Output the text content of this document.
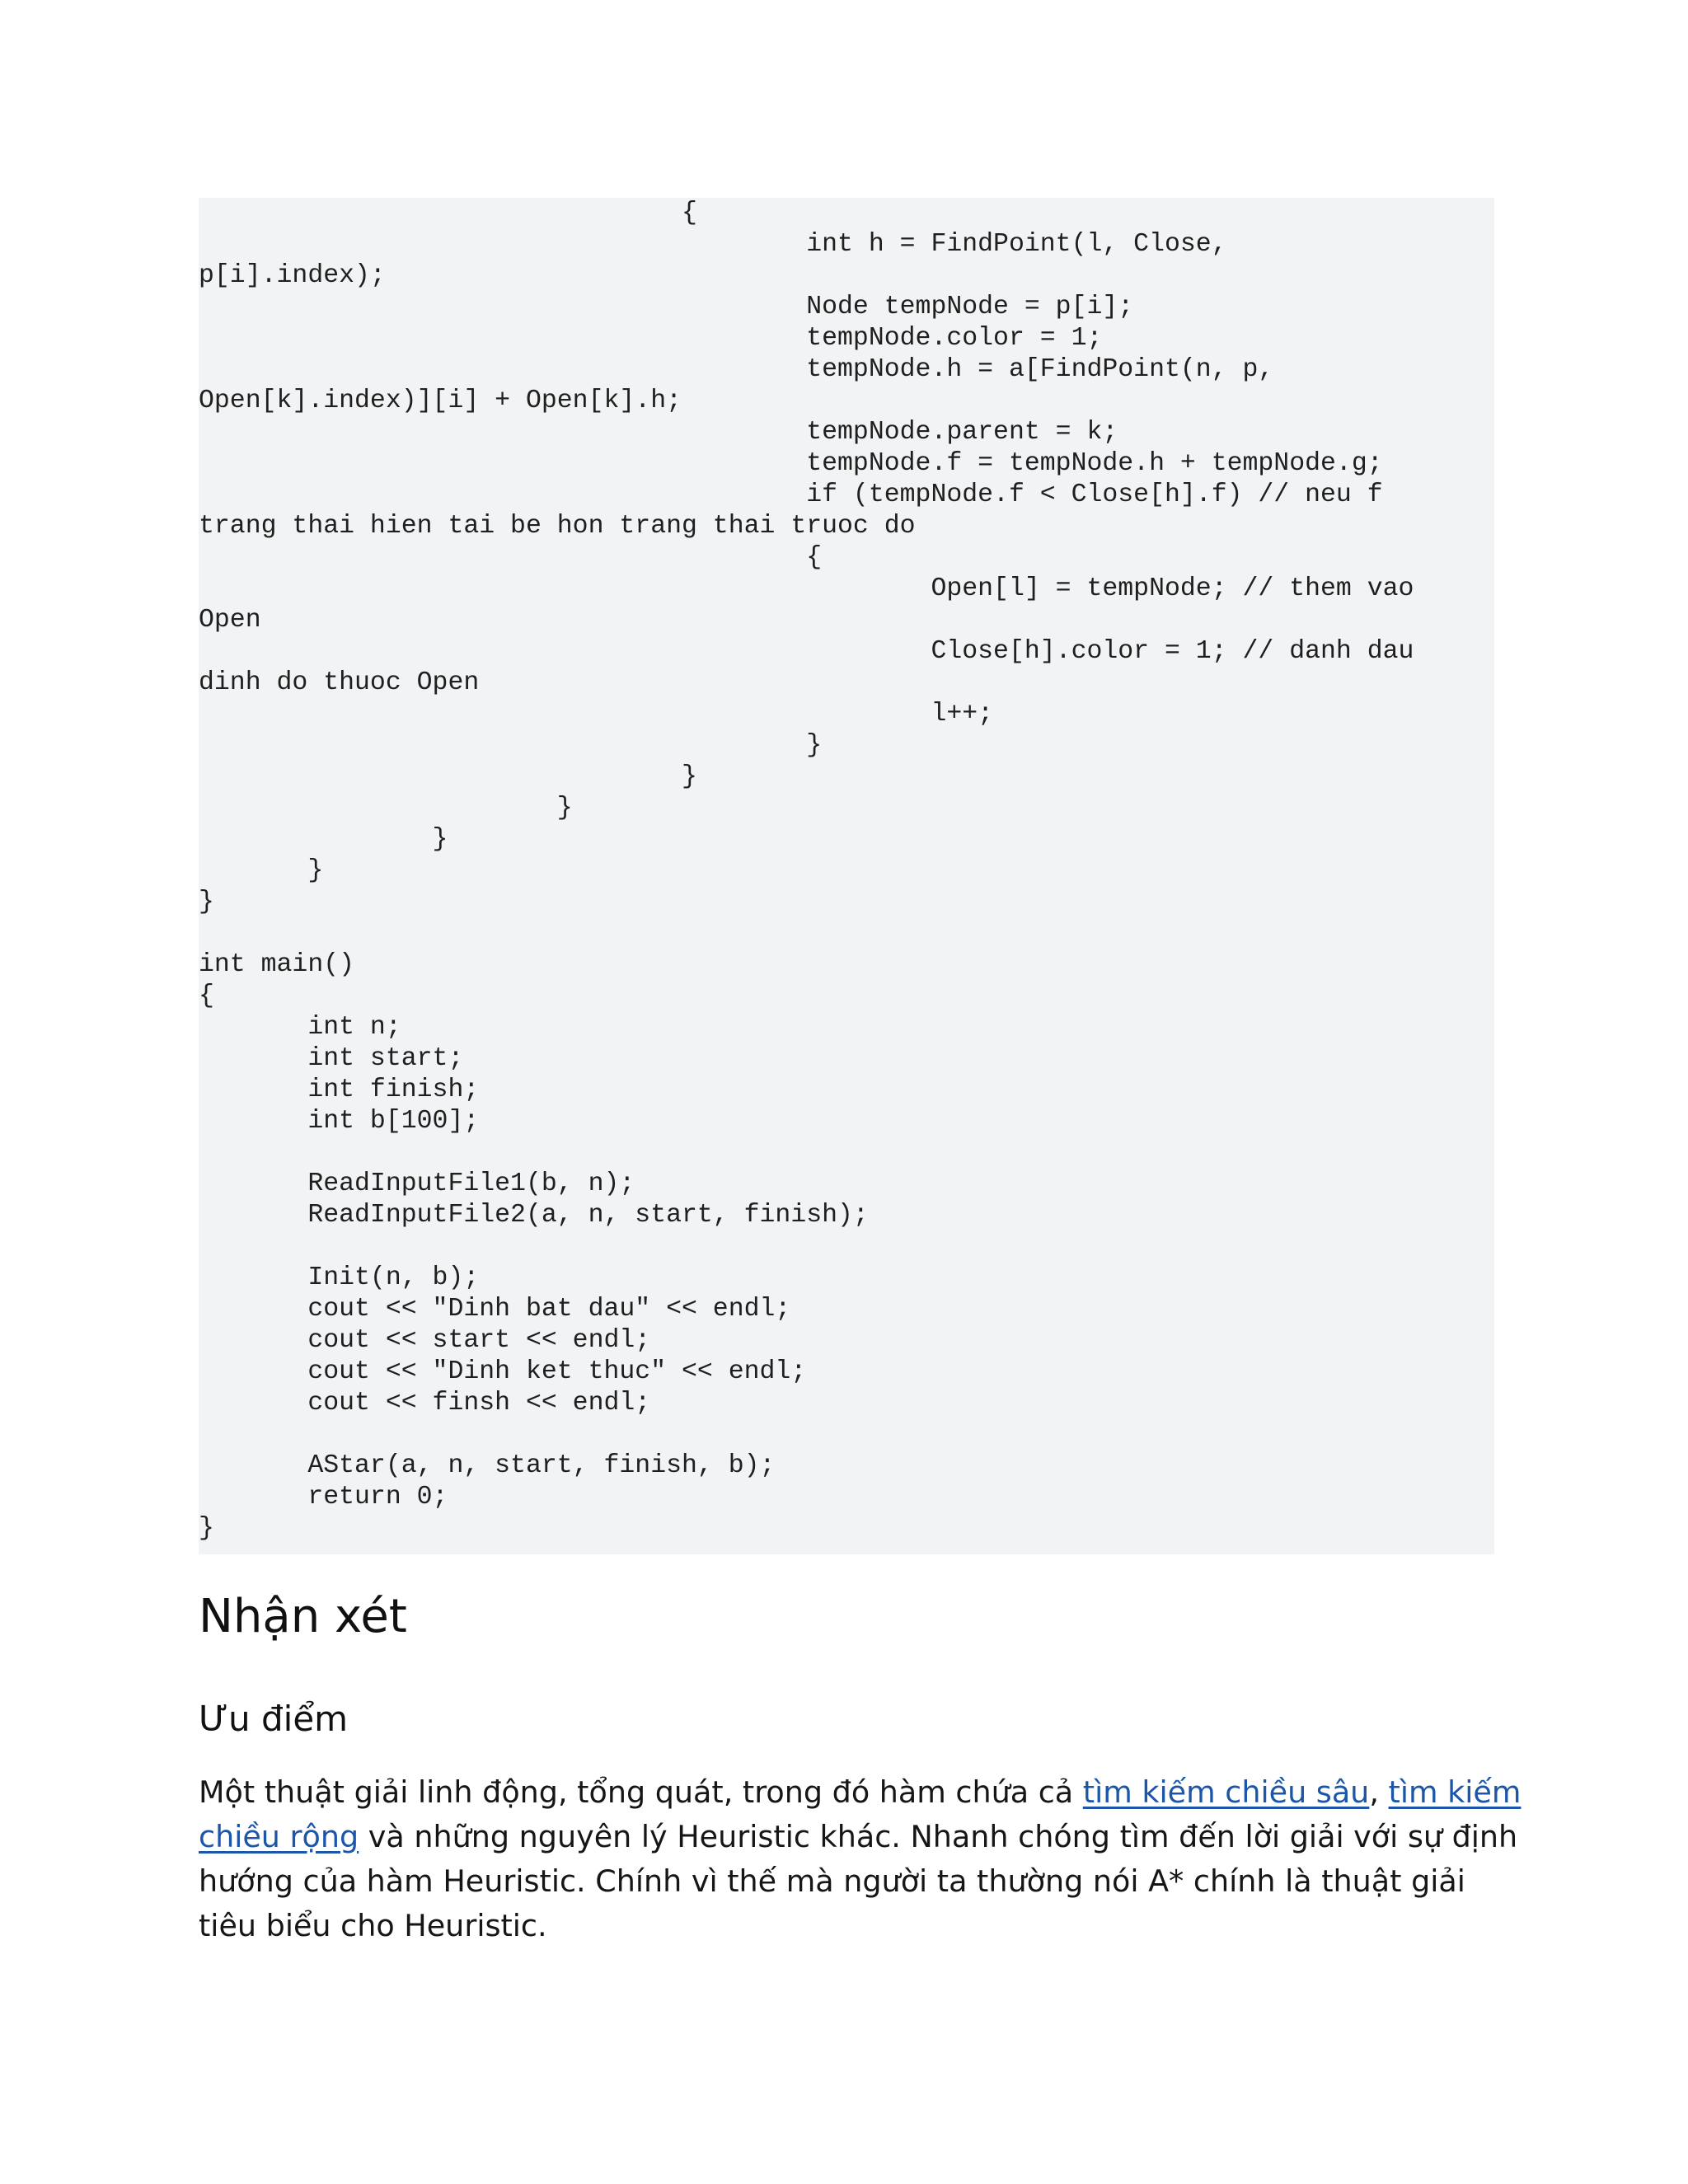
{
int h = FindPoint(l, Close,
p[i].index);
Node tempNode = p[i];
tempNode.color = 1;
tempNode.h = a[FindPoint(n, p,
Open[k].index)][i] + Open[k].h;
tempNode.parent = k;
tempNode.f = tempNode.h + tempNode.g;
if (tempNode.f < Close[h].f) // neu f
trang thai hien tai be hon trang thai truoc do
{
Open[l] = tempNode; // them vao
Open
Close[h].color = 1; // danh dau
dinh do thuoc Open
l++;
}
}
}
}
}
}
int main()
{
int n;
int start;
int finish;
int b[100];
ReadInputFile1(b, n);
ReadInputFile2(a, n, start, finish);
Init(n, b);
cout << "Dinh bat dau" << endl;
cout << start << endl;
cout << "Dinh ket thuc" << endl;
cout << finsh << endl;
AStar(a, n, start, finish, b);
return 0;
}
Nhận xét
Ưu điểm

Một thuật giải linh động, tổng quát, trong đó hàm chứa cả tìm kiếm chiều sâu, tìm kiếm

chiều rộng và những nguyên lý Heuristic khác. Nhanh chóng tìm đến lời giải với sự định

hướng của hàm Heuristic. Chính vì thế mà người ta thường nói A* chính là thuật giải

tiêu biểu cho Heuristic.
